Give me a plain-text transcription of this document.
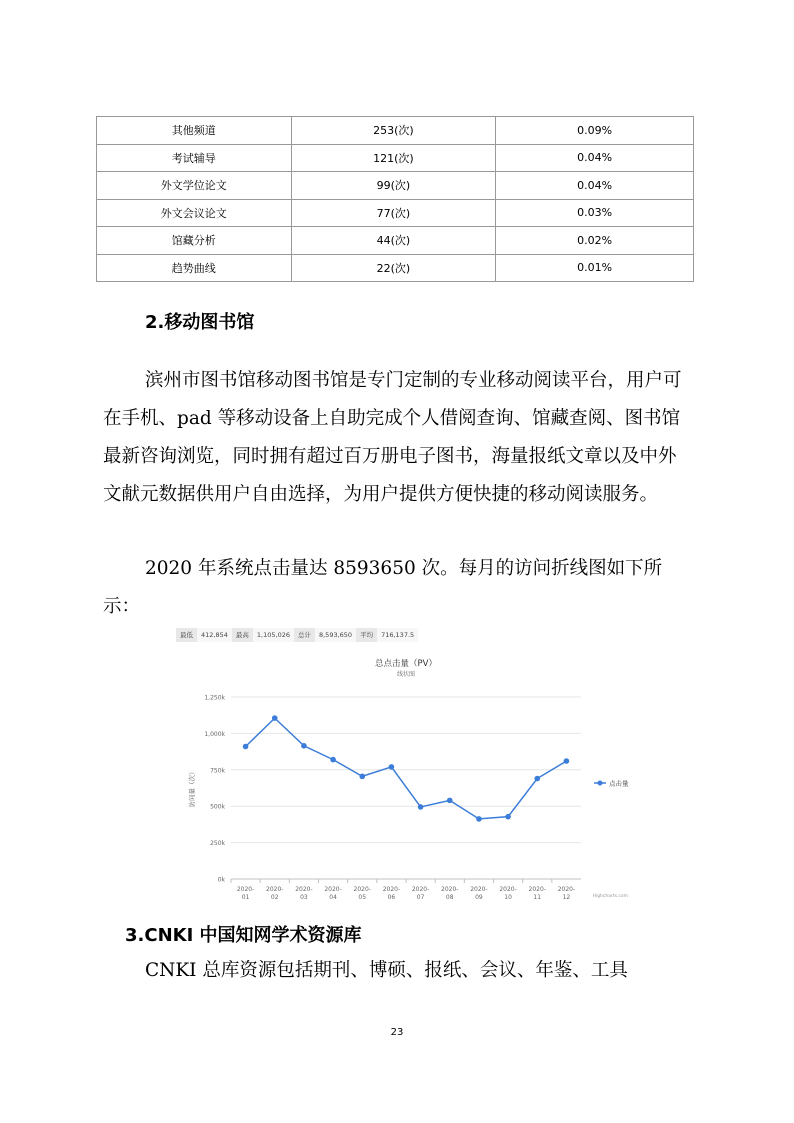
其他频道	253(次)	0.09%
考试辅导	121(次)	0.04%
外文学位论文	99(次)	0.04%
外文会议论文	77(次)	0.03%
馆藏分析	44(次)	0.02%
趋势曲线	22(次)	0.01%
2.移动图书馆

滨州市图书馆移动图书馆是专门定制的专业移动阅读平台，用户可在手机、pad 等移动设备上自助完成个人借阅查询、馆藏查阅、图书馆最新咨询浏览，同时拥有超过百万册电子图书，海量报纸文章以及中外文献元数据供用户自由选择，为用户提供方便快捷的移动阅读服务。

2020 年系统点击量达 8593650 次。每月的访问折线图如下所示：

最低	412,854	最高	1,105,026	总计	8,593,650	平均	716,137.5
总点击量（PV）
线状图
0k
250k
500k
750k
1,000k
1,250k
访问量（次）
2020-01
2020-02
2020-03
2020-04
2020-05
2020-06
2020-07
2020-08
2020-09
2020-10
2020-11
2020-12
点击量
Highcharts.com
3.CNKI 中国知网学术资源库

CNKI 总库资源包括期刊、博硕、报纸、会议、年鉴、工具

23
